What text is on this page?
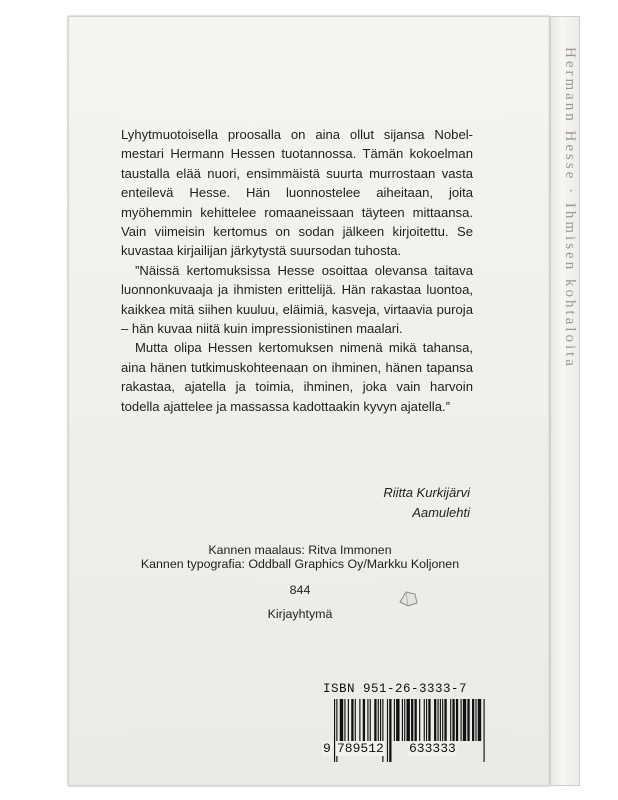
Hermann Hesse · Ihmisen kohtaloita

Lyhytmuotoisella proosalla on aina ollut sijansa Nobel-mestari Hermann Hessen tuotannossa. Tämän kokoelman taustalla elää nuori, ensimmäistä suurta murrostaan vasta enteilevä Hesse. Hän luonnostelee aiheitaan, joita myöhemmin kehittelee romaaneissaan täyteen mittaansa. Vain viimeisin kertomus on sodan jälkeen kirjoitettu. Se kuvastaa kirjailijan järkytystä suursodan tuhosta.

”Näissä kertomuksissa Hesse osoittaa olevansa taitava luonnonkuvaaja ja ihmisten erittelijä. Hän rakastaa luontoa, kaikkea mitä siihen kuuluu, eläimiä, kasveja, virtaavia puroja – hän kuvaa niitä kuin impressionistinen maalari.

Mutta olipa Hessen kertomuksen nimenä mikä tahansa, aina hänen tutkimuskohteenaan on ihminen, hänen tapansa rakastaa, ajatella ja toimia, ihminen, joka vain harvoin todella ajattelee ja massassa kadottaakin kyvyn ajatella.”

Riitta Kurkijärvi
Aamulehti
Kannen maalaus: Ritva Immonen
Kannen typografia: Oddball Graphics Oy/Markku Koljonen
844
Kirjayhtymä
ISBN 951-26-3333-7
9 789512 633333
